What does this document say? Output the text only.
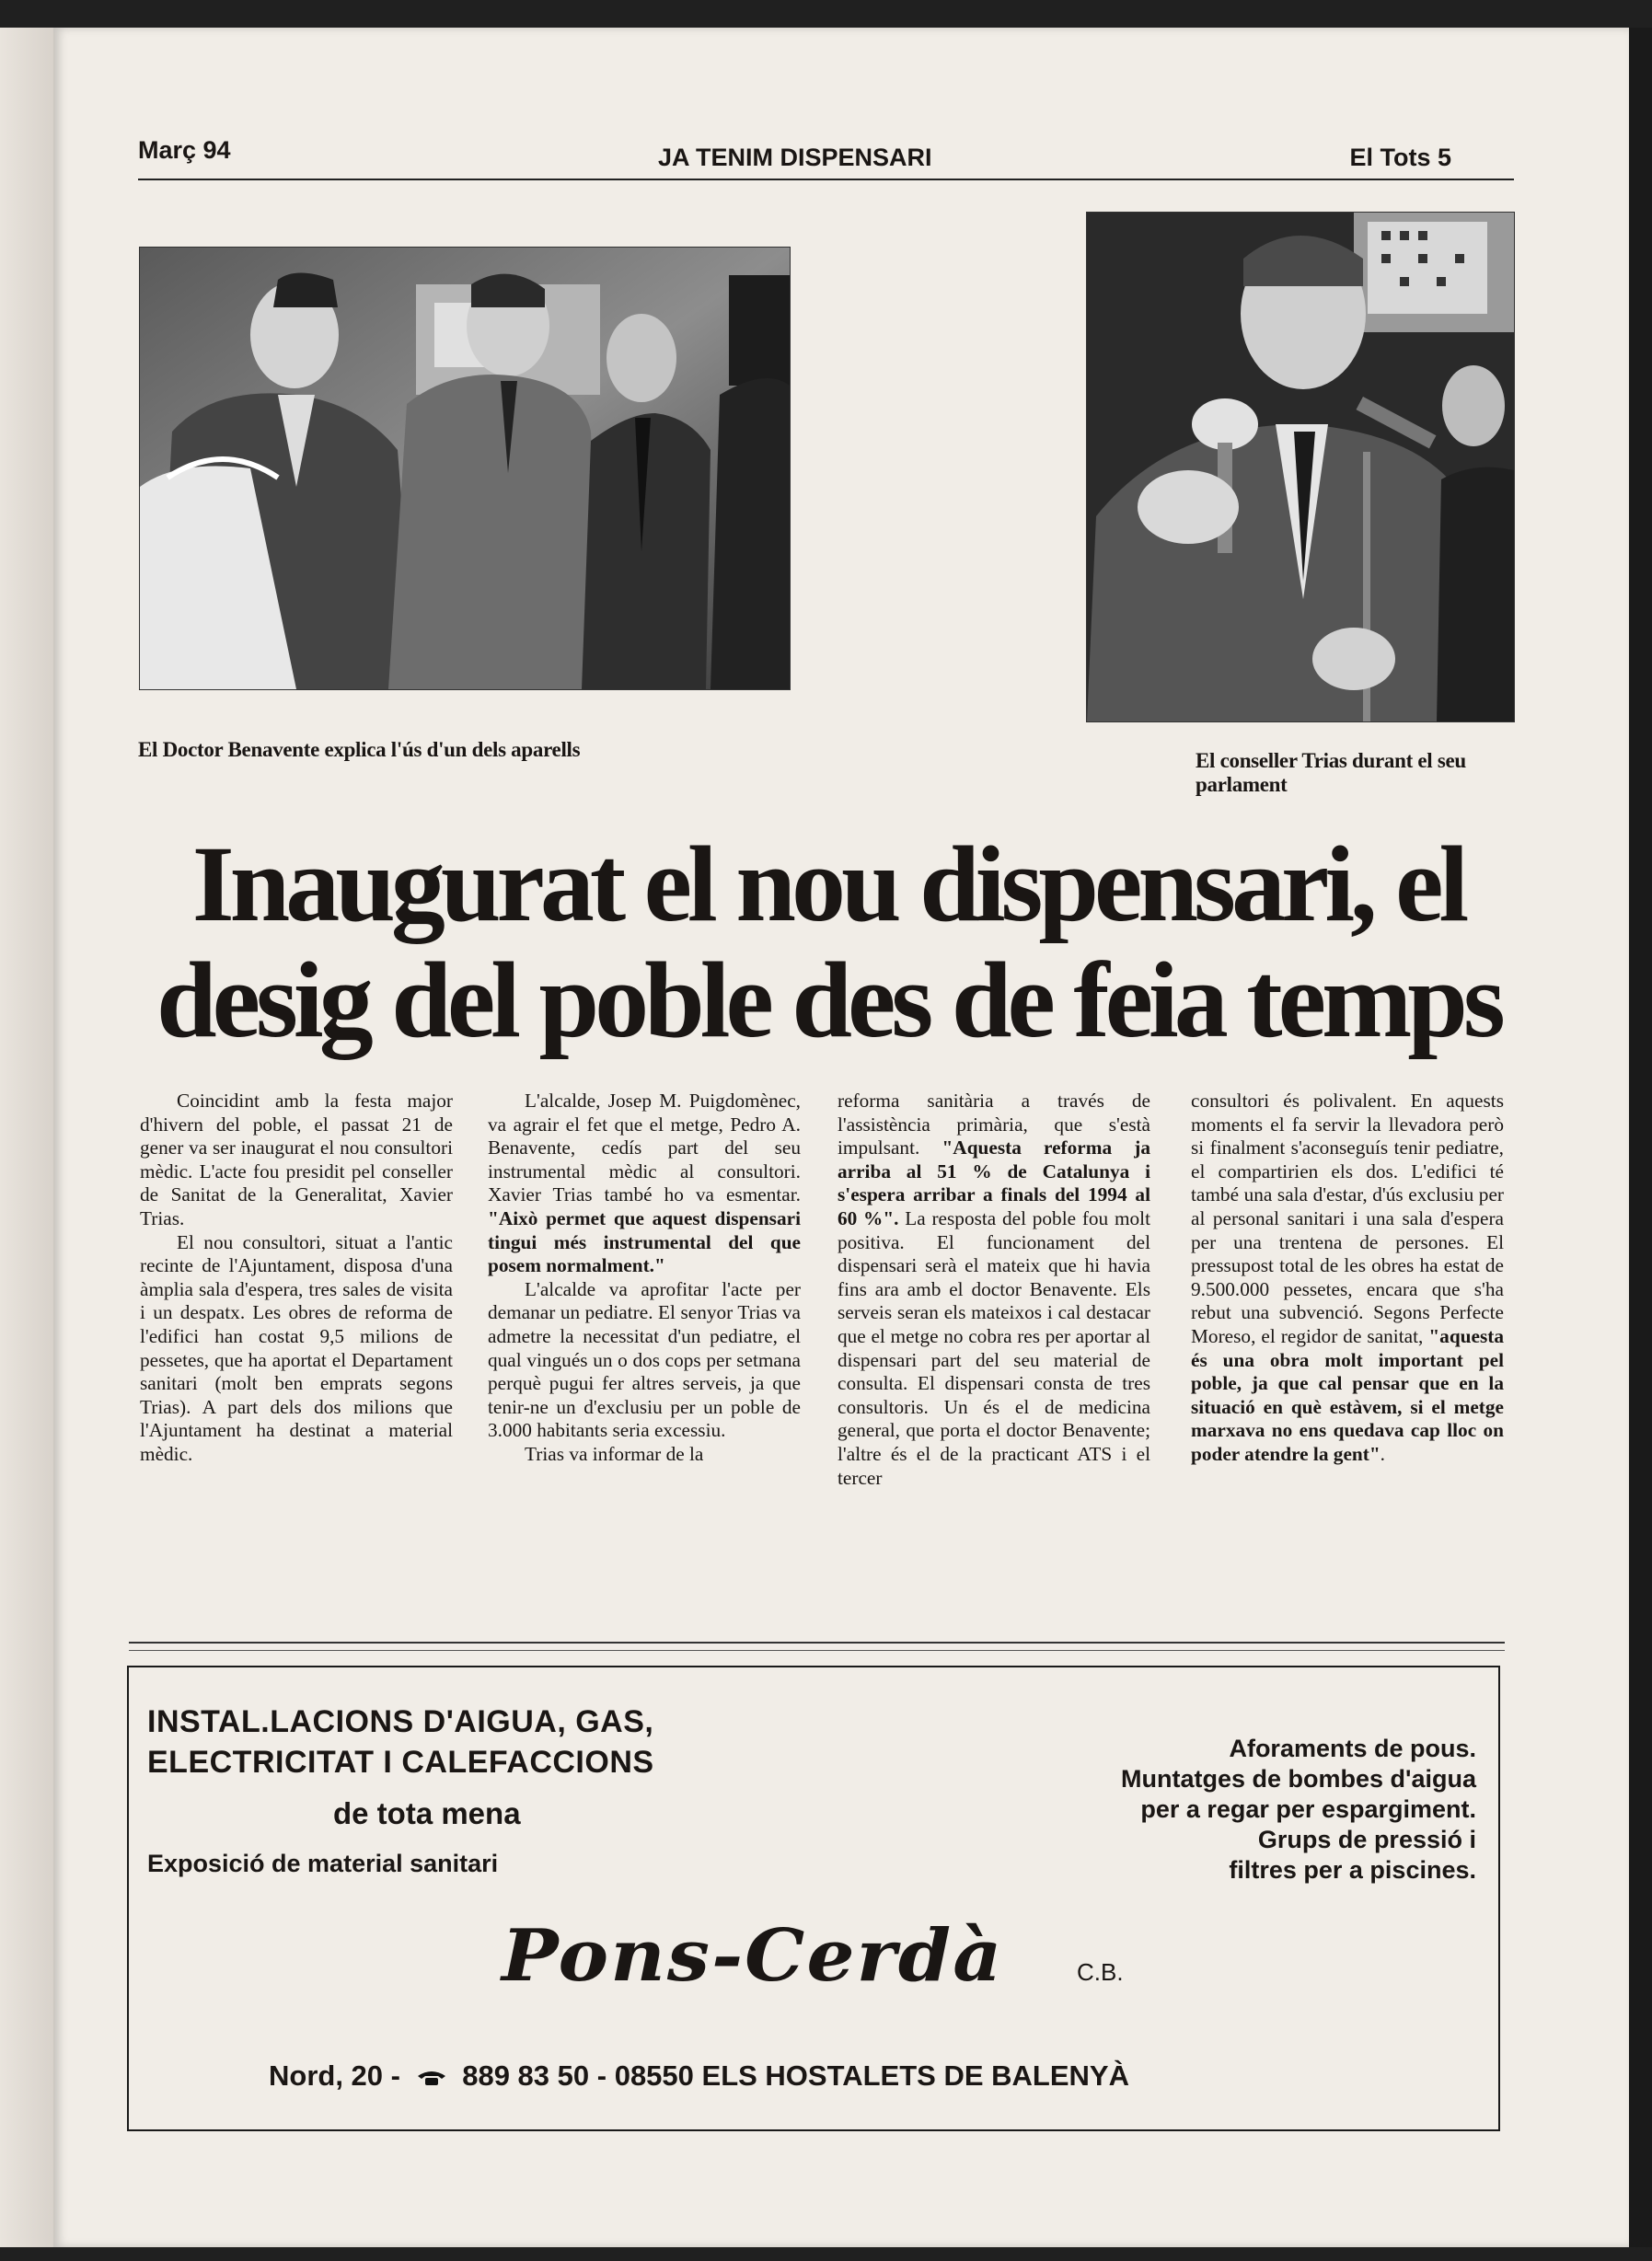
Març 94	JA TENIM DISPENSARI	El Tots 5
El Doctor Benavente explica l'ús d'un dels aparells	El conseller Trias durant el seu parlament
Inaugurat el nou dispensari, el
desig del poble des de feia temps

Coincidint amb la festa major d'hivern del poble, el passat 21 de gener va ser inaugurat el nou consultori mèdic. L'acte fou presidit pel conseller de Sanitat de la Generalitat, Xavier Trias.

El nou consultori, situat a l'antic recinte de l'Ajuntament, disposa d'una àmplia sala d'espera, tres sales de visita i un despatx. Les obres de reforma de l'edifici han costat 9,5 milions de pessetes, que ha aportat el Departament sanitari (molt ben emprats segons Trias). A part dels dos milions que l'Ajuntament ha destinat a material mèdic.

L'alcalde, Josep M. Puigdomènec, va agrair el fet que el metge, Pedro A. Benavente, cedís part del seu instrumental mèdic al consultori. Xavier Trias també ho va esmentar. "Això permet que aquest dispensari tingui més instrumental del que posem normalment."

L'alcalde va aprofitar l'acte per demanar un pediatre. El senyor Trias va admetre la necessitat d'un pediatre, el qual vingués un o dos cops per setmana perquè pugui fer altres serveis, ja que tenir-ne un d'exclusiu per un poble de 3.000 habitants seria excessiu.

Trias va informar de la

reforma sanitària a través de l'assistència primària, que s'està impulsant. "Aquesta reforma ja arriba al 51 % de Catalunya i s'espera arribar a finals del 1994 al 60 %". La resposta del poble fou molt positiva. El funcionament del dispensari serà el mateix que hi havia fins ara amb el doctor Benavente. Els serveis seran els mateixos i cal destacar que el metge no cobra res per aportar al dispensari part del seu material de consulta. El dispensari consta de tres consultoris. Un és el de medicina general, que porta el doctor Benavente; l'altre és el de la practicant ATS i el tercer

consultori és polivalent. En aquests moments el fa servir la llevadora però si finalment s'aconseguís tenir pediatre, el compartirien els dos. L'edifici té també una sala d'estar, d'ús exclusiu per al personal sanitari i una sala d'espera per una trentena de persones. El pressupost total de les obres ha estat de 9.500.000 pessetes, encara que s'ha rebut una subvenció. Segons Perfecte Moreso, el regidor de sanitat, "aquesta és una obra molt important pel poble, ja que cal pensar que en la situació en què estàvem, si el metge marxava no ens quedava cap lloc on poder atendre la gent".

INSTAL.LACIONS D'AIGUA, GAS,
ELECTRICITAT I CALEFACCIONS
de tota mena
Exposició de material sanitari
Aforaments de pous.
Muntatges de bombes d'aigua
per a regar per espargiment.
Grups de pressió i
filtres per a piscines.
Pons-Cerdà	C.B.
Nord, 20 - 889 83 50 - 08550 ELS HOSTALETS DE BALENYÀ
